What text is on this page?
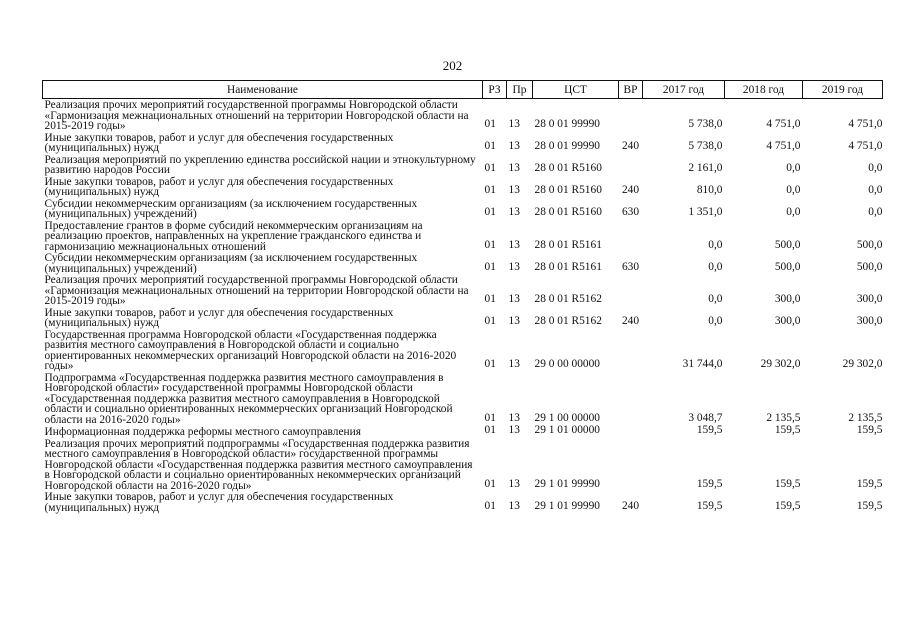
202
Наименование	РЗ	Пр	ЦСТ	ВР	2017 год	2018 год	2019 год
Реализация прочих мероприятий государственной программы Новгородской области «Гармонизация межнациональных отношений на территории Новгородской области на 2015-2019 годы»	01	13	28 0 01 99990		5 738,0	4 751,0	4 751,0
Иные закупки товаров, работ и услуг для обеспечения государственных (муниципальных) нужд	01	13	28 0 01 99990	240	5 738,0	4 751,0	4 751,0
Реализация мероприятий по укреплению единства российской нации и этнокультурному развитию народов России	01	13	28 0 01 R5160		2 161,0	0,0	0,0
Иные закупки товаров, работ и услуг для обеспечения государственных (муниципальных) нужд	01	13	28 0 01 R5160	240	810,0	0,0	0,0
Субсидии некоммерческим организациям (за исключением государственных (муниципальных) учреждений)	01	13	28 0 01 R5160	630	1 351,0	0,0	0,0
Предоставление грантов в форме субсидий некоммерческим организациям на реализацию проектов, направленных на укрепление гражданского единства и гармонизацию межнациональных отношений	01	13	28 0 01 R5161		0,0	500,0	500,0
Субсидии некоммерческим организациям (за исключением государственных (муниципальных) учреждений)	01	13	28 0 01 R5161	630	0,0	500,0	500,0
Реализация прочих мероприятий государственной программы Новгородской области «Гармонизация межнациональных отношений на территории Новгородской области на 2015-2019 годы»	01	13	28 0 01 R5162		0,0	300,0	300,0
Иные закупки товаров, работ и услуг для обеспечения государственных (муниципальных) нужд	01	13	28 0 01 R5162	240	0,0	300,0	300,0
Государственная программа Новгородской области «Государственная поддержка развития местного самоуправления в Новгородской области и социально ориентированных некоммерческих организаций Новгородской области на 2016-2020 годы»	01	13	29 0 00 00000		31 744,0	29 302,0	29 302,0
Подпрограмма «Государственная поддержка развития местного самоуправления в Новгородской области» государственной программы Новгородской области «Государственная поддержка развития местного самоуправления в Новгородской области и социально ориентированных некоммерческих организаций Новгородской области на 2016-2020 годы»	01	13	29 1 00 00000		3 048,7	2 135,5	2 135,5
Информационная поддержка реформы местного самоуправления	01	13	29 1 01 00000		159,5	159,5	159,5
Реализация прочих мероприятий подпрограммы «Государственная поддержка развития местного самоуправления в Новгородской области» государственной программы Новгородской области «Государственная поддержка развития местного самоуправления в Новгородской области и социально ориентированных некоммерческих организаций Новгородской области на 2016-2020 годы»	01	13	29 1 01 99990		159,5	159,5	159,5
Иные закупки товаров, работ и услуг для обеспечения государственных (муниципальных) нужд	01	13	29 1 01 99990	240	159,5	159,5	159,5
